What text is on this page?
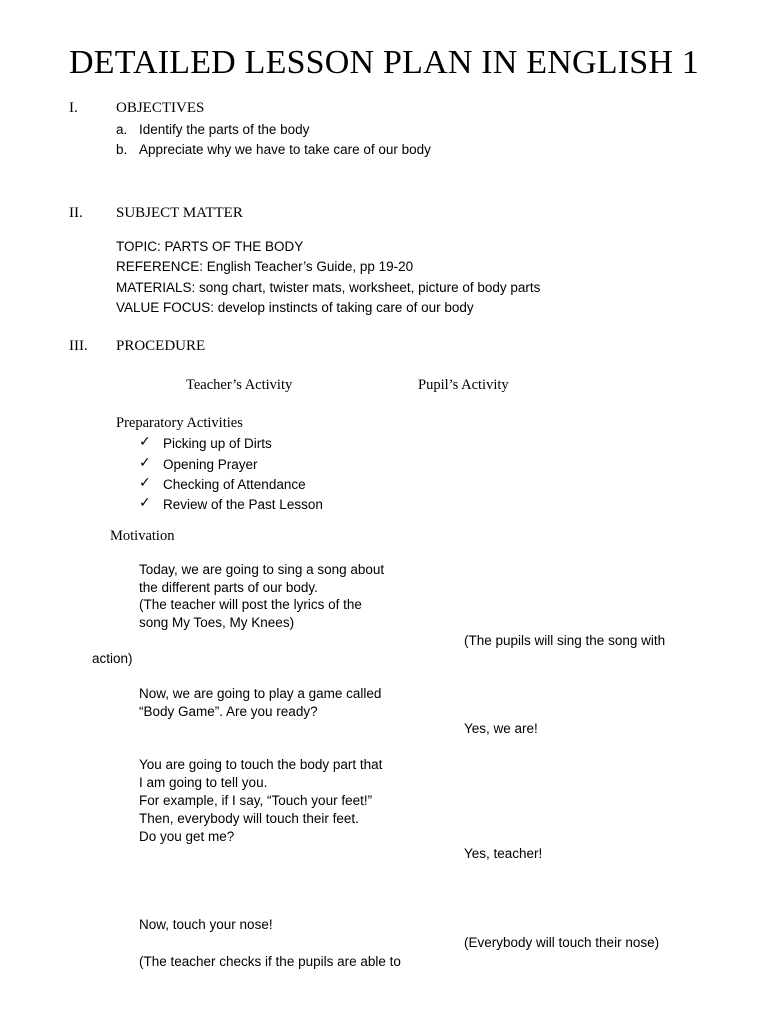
DETAILED LESSON PLAN IN ENGLISH 1
I.	OBJECTIVES
a. Identify the parts of the body
b. Appreciate why we have to take care of our body
II. SUBJECT MATTER
TOPIC: PARTS OF THE BODY
REFERENCE: English Teacher’s Guide, pp 19-20
MATERIALS: song chart, twister mats, worksheet, picture of body parts
VALUE FOCUS: develop instincts of taking care of our body
III. PROCEDURE
Teacher’s Activity	Pupil’s Activity
Preparatory Activities
✓ Picking up of Dirts
✓ Opening Prayer
✓ Checking of Attendance
✓ Review of the Past Lesson
Motivation
Today, we are going to sing a song about
the different parts of our body.
(The teacher will post the lyrics of the
song My Toes, My Knees)
(The pupils will sing the song with
action)
Now, we are going to play a game called
“Body Game”. Are you ready?
Yes, we are!
You are going to touch the body part that
I am going to tell you.
For example, if I say, “Touch your feet!”
Then, everybody will touch their feet.
Do you get me?
Yes, teacher!
Now, touch your nose!
(Everybody will touch their nose)
(The teacher checks if the pupils are able to
